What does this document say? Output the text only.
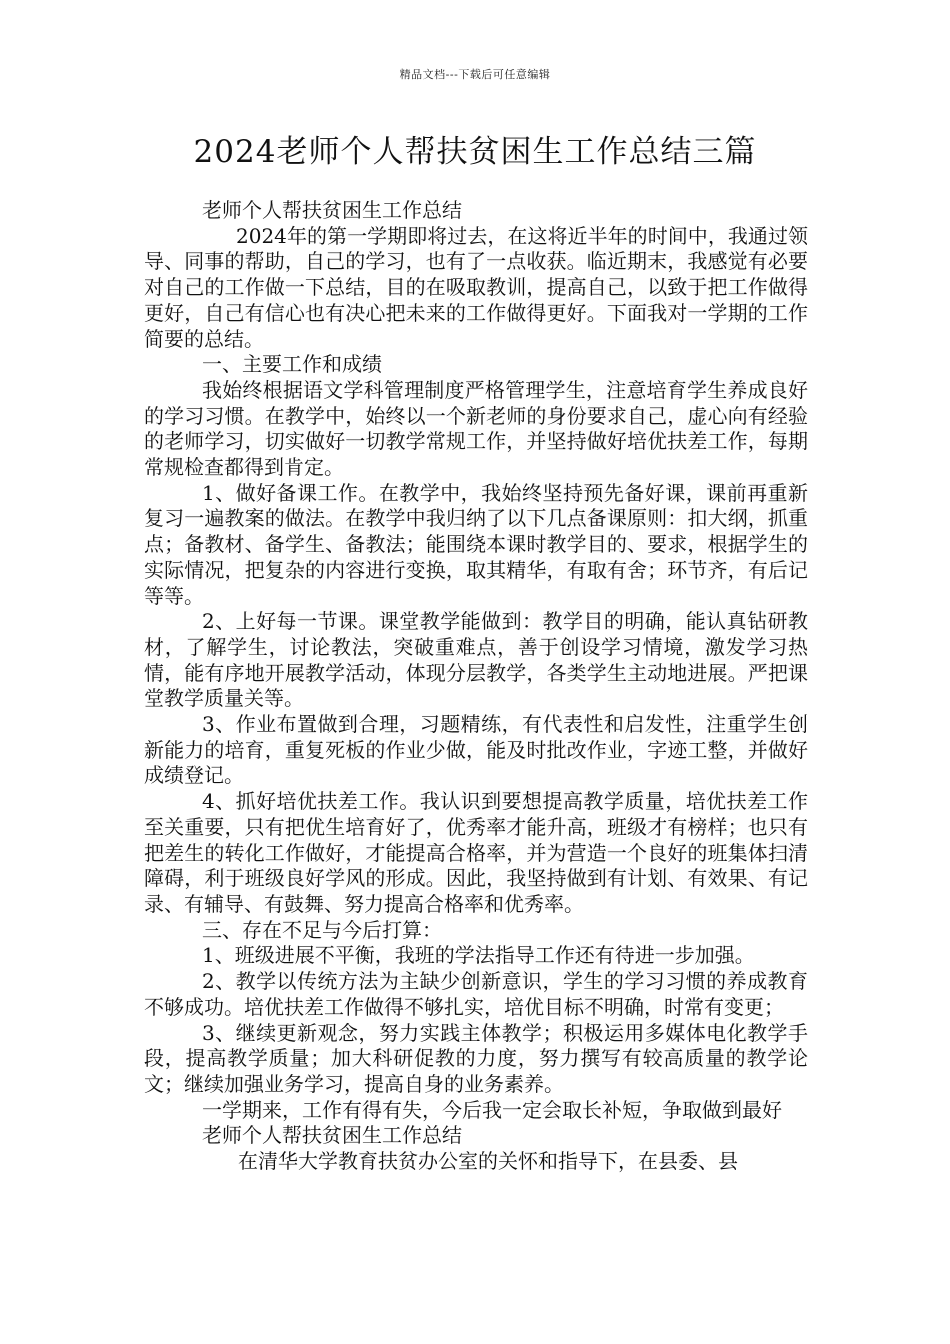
精品文档---下载后可任意编辑
2024老师个人帮扶贫困生工作总结三篇

老师个人帮扶贫困生工作总结

2024年的第一学期即将过去，在这将近半年的时间中，我通过领导、同事的帮助，自己的学习，也有了一点收获。临近期末，我感觉有必要对自己的工作做一下总结，目的在吸取教训，提高自己，以致于把工作做得更好，自己有信心也有决心把未来的工作做得更好。下面我对一学期的工作简要的总结。

一、主要工作和成绩

我始终根据语文学科管理制度严格管理学生，注意培育学生养成良好的学习习惯。在教学中，始终以一个新老师的身份要求自己，虚心向有经验的老师学习，切实做好一切教学常规工作，并坚持做好培优扶差工作，每期常规检查都得到肯定。

1、做好备课工作。在教学中，我始终坚持预先备好课，课前再重新复习一遍教案的做法。在教学中我归纳了以下几点备课原则：扣大纲，抓重点；备教材、备学生、备教法；能围绕本课时教学目的、要求，根据学生的实际情况，把复杂的内容进行变换，取其精华，有取有舍；环节齐，有后记等等。

2、上好每一节课。课堂教学能做到：教学目的明确，能认真钻研教材，了解学生，讨论教法，突破重难点，善于创设学习情境，激发学习热情，能有序地开展教学活动，体现分层教学，各类学生主动地进展。严把课堂教学质量关等。

3、作业布置做到合理，习题精练，有代表性和启发性，注重学生创新能力的培育，重复死板的作业少做，能及时批改作业，字迹工整，并做好成绩登记。

4、抓好培优扶差工作。我认识到要想提高教学质量，培优扶差工作至关重要，只有把优生培育好了，优秀率才能升高，班级才有榜样；也只有把差生的转化工作做好，才能提高合格率，并为营造一个良好的班集体扫清障碍，利于班级良好学风的形成。因此，我坚持做到有计划、有效果、有记录、有辅导、有鼓舞、努力提高合格率和优秀率。

三、存在不足与今后打算：

1、班级进展不平衡，我班的学法指导工作还有待进一步加强。

2、教学以传统方法为主缺少创新意识，学生的学习习惯的养成教育不够成功。培优扶差工作做得不够扎实，培优目标不明确，时常有变更；

3、继续更新观念，努力实践主体教学；积极运用多媒体电化教学手段，提高教学质量；加大科研促教的力度，努力撰写有较高质量的教学论文；继续加强业务学习，提高自身的业务素养。

一学期来，工作有得有失，今后我一定会取长补短，争取做到最好

老师个人帮扶贫困生工作总结

在清华大学教育扶贫办公室的关怀和指导下，在县委、县
